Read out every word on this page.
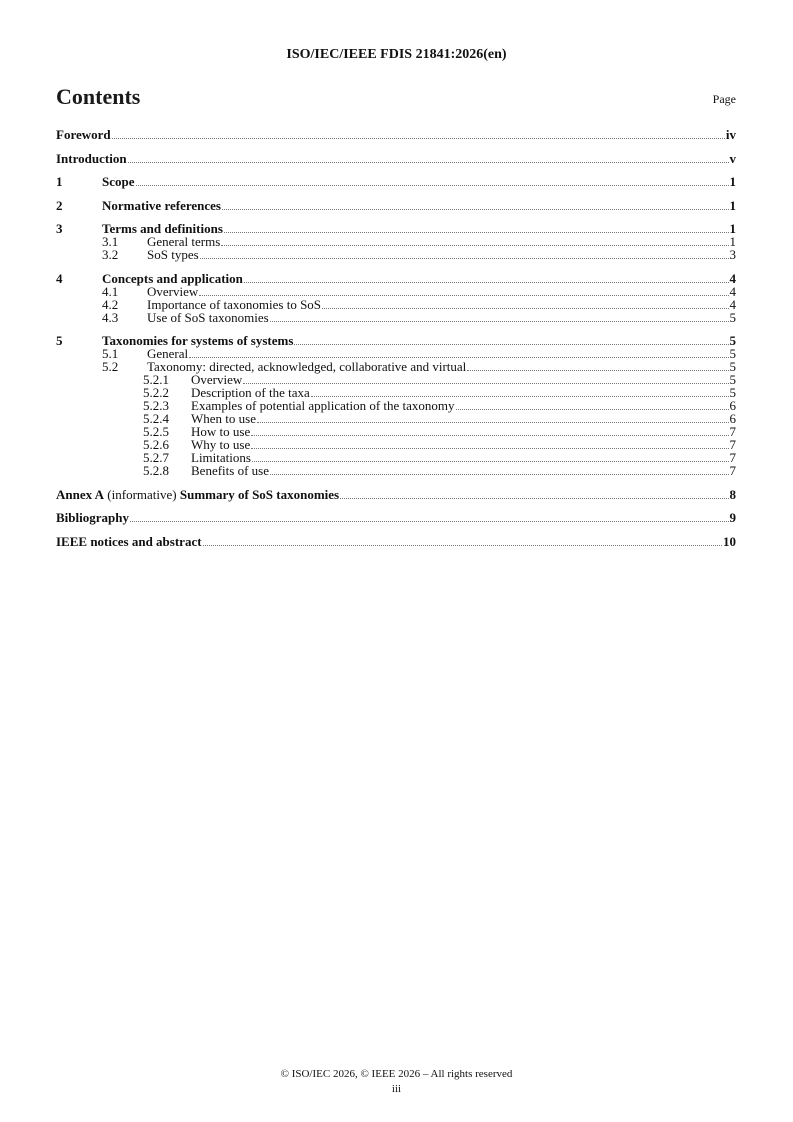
ISO/IEC/IEEE FDIS 21841:2026(en)
Contents	Page
Foreword	iv
Introduction	v
1	Scope	1
2	Normative references	1
3	Terms and definitions	1
3.1	General terms	1
3.2	SoS types	3
4	Concepts and application	4
4.1	Overview	4
4.2	Importance of taxonomies to SoS	4
4.3	Use of SoS taxonomies	5
5	Taxonomies for systems of systems	5
5.1	General	5
5.2	Taxonomy: directed, acknowledged, collaborative and virtual	5
5.2.1	Overview	5
5.2.2	Description of the taxa	5
5.2.3	Examples of potential application of the taxonomy	6
5.2.4	When to use	6
5.2.5	How to use	7
5.2.6	Why to use	7
5.2.7	Limitations	7
5.2.8	Benefits of use	7
Annex A (informative) Summary of SoS taxonomies	8
Bibliography	9
IEEE notices and abstract	10
© ISO/IEC 2026, © IEEE 2026 – All rights reserved
iii
